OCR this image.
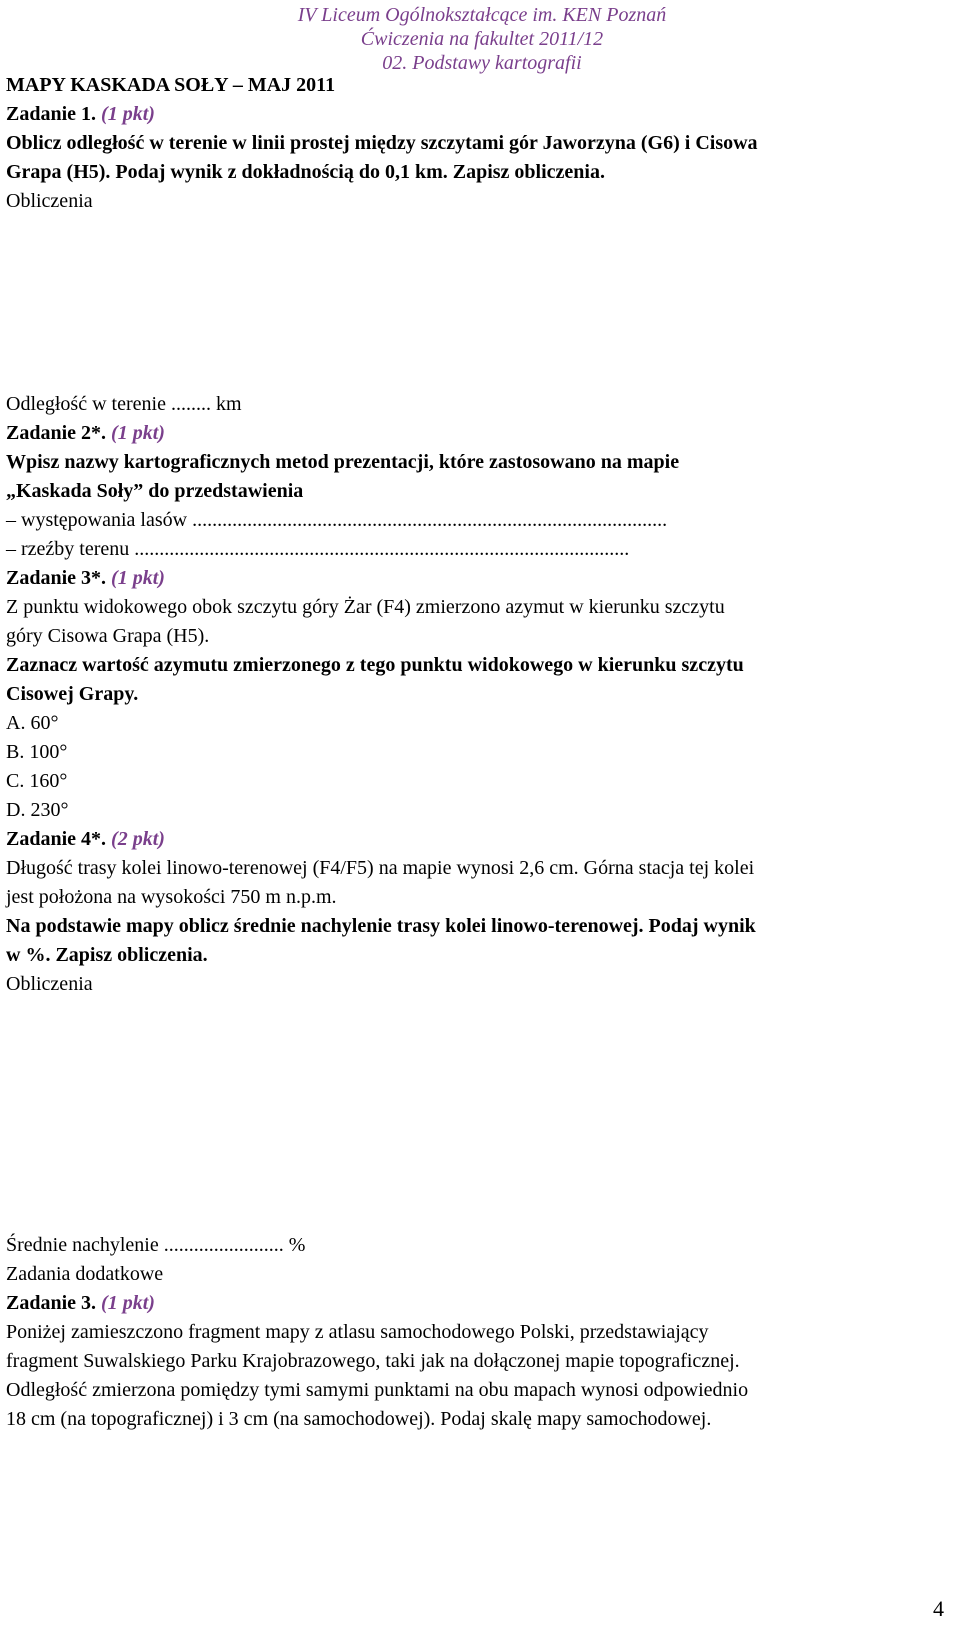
IV Liceum Ogólnokształcące im. KEN Poznań
Ćwiczenia na fakultet 2011/12
02. Podstawy kartografii
MAPY KASKADA SOŁY – MAJ 2011
Zadanie 1. (1 pkt)
Oblicz odległość w terenie w linii prostej między szczytami gór Jaworzyna (G6) i Cisowa
Grapa (H5). Podaj wynik z dokładnością do 0,1 km. Zapisz obliczenia.
Obliczenia
Odległość w terenie ........ km
Zadanie 2*. (1 pkt)
Wpisz nazwy kartograficznych metod prezentacji, które zastosowano na mapie
„Kaskada Soły” do przedstawienia
– występowania lasów ...............................................................................................
– rzeźby terenu ...................................................................................................
Zadanie 3*. (1 pkt)
Z punktu widokowego obok szczytu góry Żar (F4) zmierzono azymut w kierunku szczytu
góry Cisowa Grapa (H5).
Zaznacz wartość azymutu zmierzonego z tego punktu widokowego w kierunku szczytu
Cisowej Grapy.
A. 60°
B. 100°
C. 160°
D. 230°
Zadanie 4*. (2 pkt)
Długość trasy kolei linowo-terenowej (F4/F5) na mapie wynosi 2,6 cm. Górna stacja tej kolei
jest położona na wysokości 750 m n.p.m.
Na podstawie mapy oblicz średnie nachylenie trasy kolei linowo-terenowej. Podaj wynik
w %. Zapisz obliczenia.
Obliczenia
Średnie nachylenie ........................ %
Zadania dodatkowe
Zadanie 3. (1 pkt)
Poniżej zamieszczono fragment mapy z atlasu samochodowego Polski, przedstawiający
fragment Suwalskiego Parku Krajobrazowego, taki jak na dołączonej mapie topograficznej.
Odległość zmierzona pomiędzy tymi samymi punktami na obu mapach wynosi odpowiednio
18 cm (na topograficznej) i 3 cm (na samochodowej). Podaj skalę mapy samochodowej.
4
